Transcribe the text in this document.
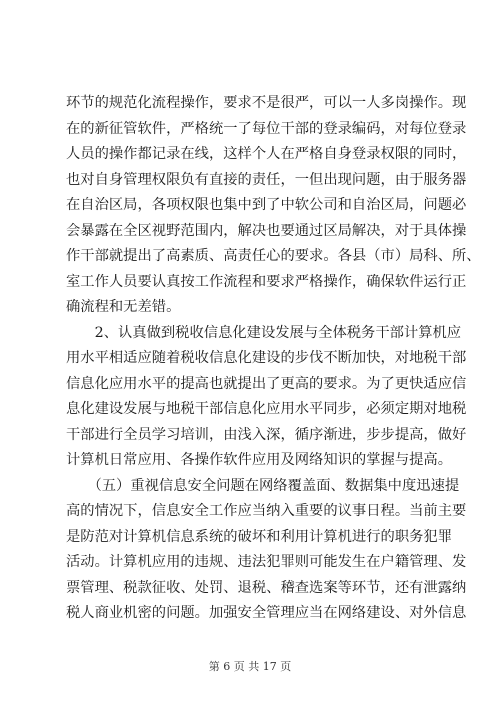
环节的规范化流程操作，要求不是很严，可以一人多岗操作。现
在的新征管软件，严格统一了每位干部的登录编码，对每位登录
人员的操作都记录在线，这样个人在严格自身登录权限的同时，
也对自身管理权限负有直接的责任，一但出现问题，由于服务器
在自治区局，各项权限也集中到了中软公司和自治区局，问题必
会暴露在全区视野范围内，解决也要通过区局解决，对于具体操
作干部就提出了高素质、高责任心的要求。各县（市）局科、所、
室工作人员要认真按工作流程和要求严格操作，确保软件运行正
确流程和无差错。
　　2、认真做到税收信息化建设发展与全体税务干部计算机应
用水平相适应随着税收信息化建设的步伐不断加快，对地税干部
信息化应用水平的提高也就提出了更高的要求。为了更快适应信
息化建设发展与地税干部信息化应用水平同步，必须定期对地税
干部进行全员学习培训，由浅入深，循序渐进，步步提高，做好
计算机日常应用、各操作软件应用及网络知识的掌握与提高。
　　（五）重视信息安全问题在网络覆盖面、数据集中度迅速提
高的情况下，信息安全工作应当纳入重要的议事日程。当前主要
是防范对计算机信息系统的破坏和利用计算机进行的职务犯罪
活动。计算机应用的违规、违法犯罪则可能发生在户籍管理、发
票管理、税款征收、处罚、退税、稽查选案等环节，还有泄露纳
税人商业机密的问题。加强安全管理应当在网络建设、对外信息
第 6 页 共 17 页
